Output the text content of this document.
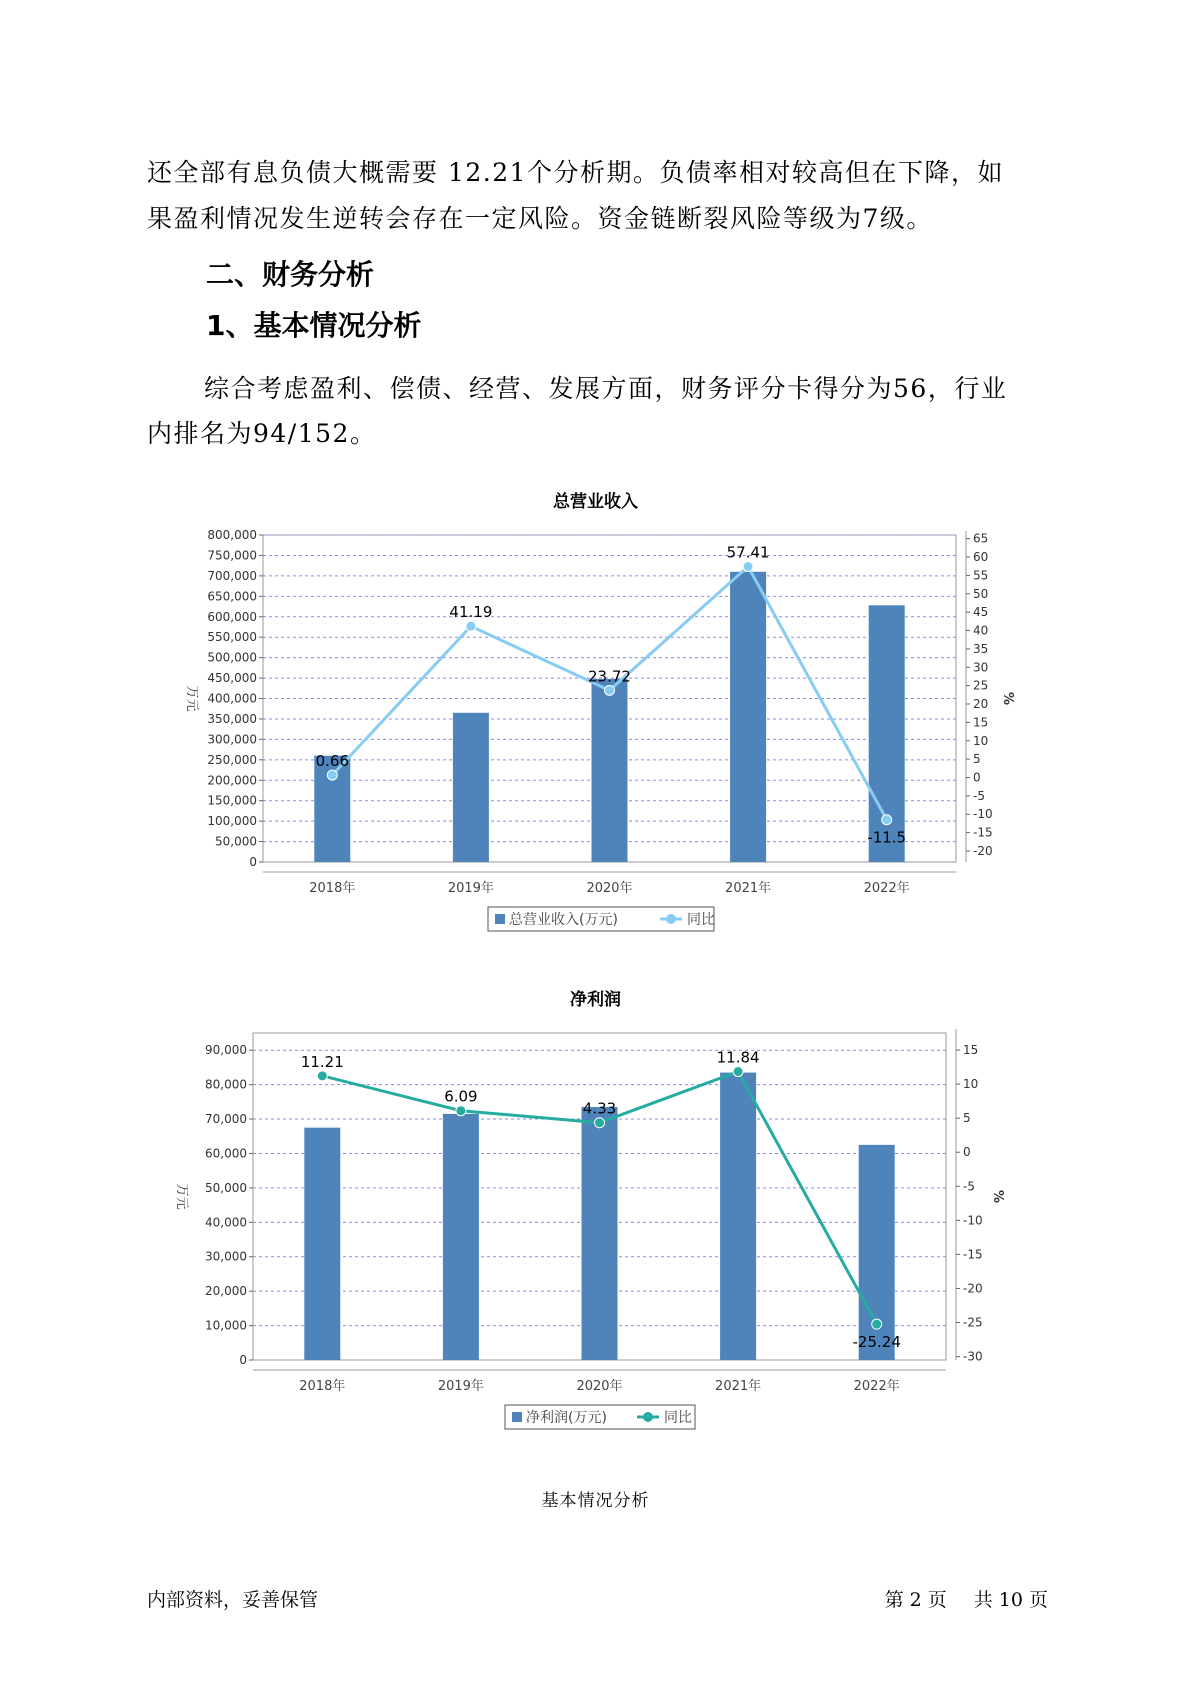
还全部有息负债大概需要 12.21个分析期。负债率相对较高但在下降，如

果盈利情况发生逆转会存在一定风险。资金链断裂风险等级为7级。

二、财务分析
1、基本情况分析

综合考虑盈利、偿债、经营、发展方面，财务评分卡得分为56，行业

内排名为94/152。

总营业收入
0
50,000
100,000
150,000
200,000
250,000
300,000
350,000
400,000
450,000
500,000
550,000
600,000
650,000
700,000
750,000
800,000	65
60
55
50
45
40
35
30
25
20
15
10
5
0
-5
-10
-15
-20
2018年	2019年	2020年	2021年	2022年
万元	%
0.66
41.19
23.72
57.41
-11.5
总营业收入(万元)	同比
净利润
0
10,000
20,000
30,000
40,000
50,000
60,000
70,000
80,000
90,000	15
10
5
0
-5
-10
-15
-20
-25
-30
2018年	2019年	2020年	2021年	2022年
万元	%
11.21
6.09
4.33
11.84
-25.24
净利润(万元)	同比
基本情况分析
内部资料，妥善保管	第 2 页 共 10 页
